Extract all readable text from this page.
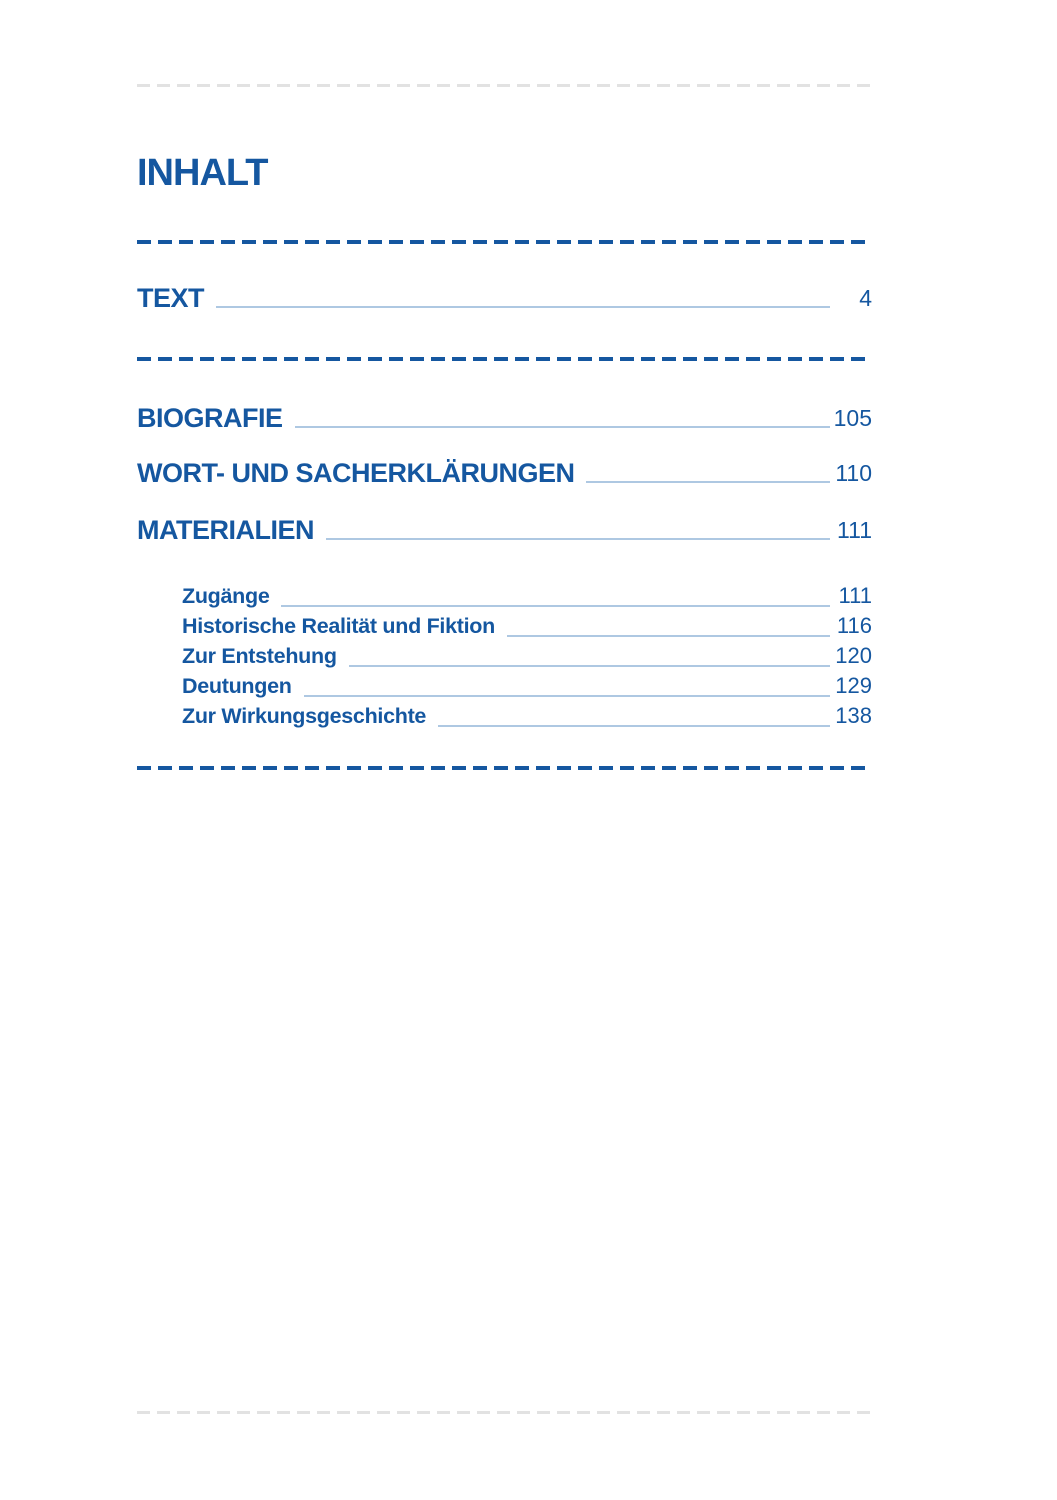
INHALT
TEXT	4
BIOGRAFIE	105
WORT- UND SACHERKLÄRUNGEN	110
MATERIALIEN	111
Zugänge	111
Historische Realität und Fiktion	116
Zur Entstehung	120
Deutungen	129
Zur Wirkungsgeschichte	138
